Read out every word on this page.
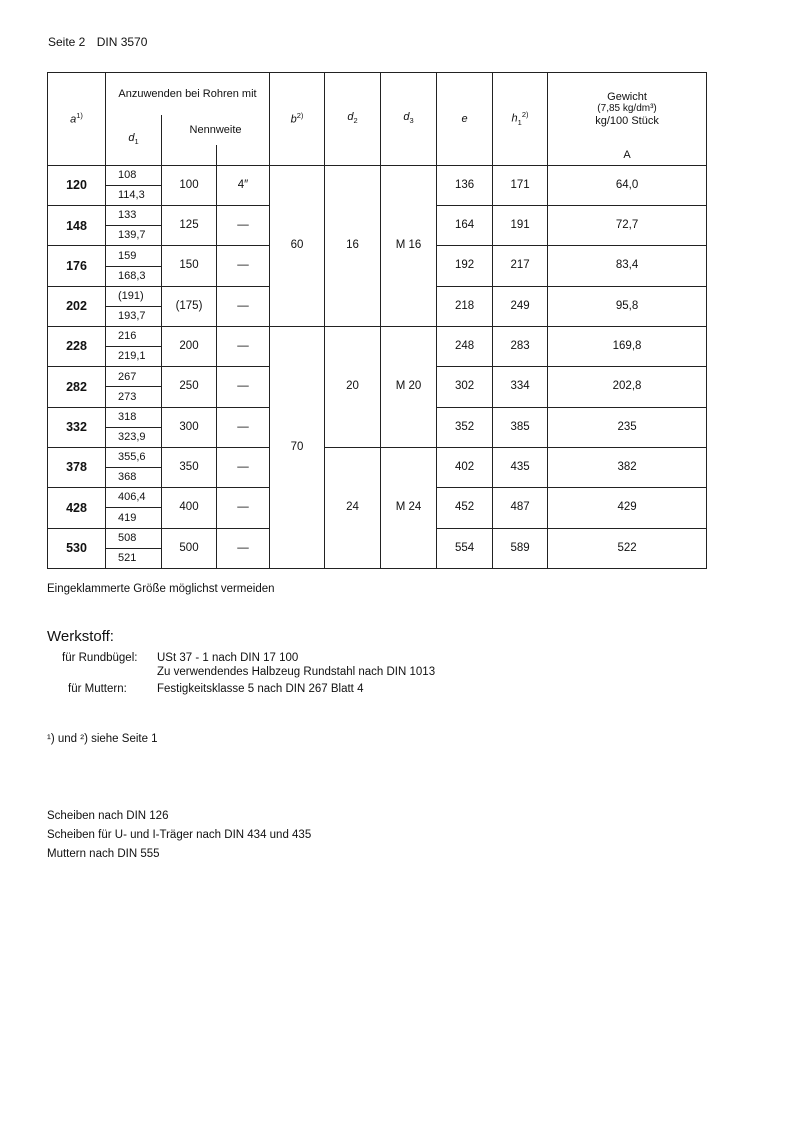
Seite 2 DIN 3570
$a^{1)}$	Anzuwenden bei Rohren mit			$b^{2)}$	$d_2$	$d_3$	e	$h_1^{2)}$	Gewicht
(7,85 kg/dm³)
kg/100 Stück

	$d_1$	Nennweite							
									A
120	108	100	4″	60	16	M 16	136	171	64,0
	114,3								
148	133	125	—				164	191	72,7
	139,7								
176	159	150	—				192	217	83,4
	168,3								
202	(191)	(175)	—				218	249	95,8
	193,7								
228	216	200	—	70	20	M 20	248	283	169,8
	219,1								
282	267	250	—				302	334	202,8
	273								
332	318	300	—				352	385	235
	323,9								
378	355,6	350	—		24	M 24	402	435	382
	368								
428	406,4	400	—				452	487	429
	419								
530	508	500	—				554	589	522
	521								
Eingeklammerte Größe möglichst vermeiden
Werkstoff:
für Rundbügel: USt 37 - 1 nach DIN 17 100
Zu verwendendes Halbzeug Rundstahl nach DIN 1013
für Muttern:	Festigkeitsklasse 5 nach DIN 267 Blatt 4
¹) und ²) siehe Seite 1
Scheiben nach DIN 126
Scheiben für U- und I-Träger nach DIN 434 und 435
Muttern nach DIN 555
